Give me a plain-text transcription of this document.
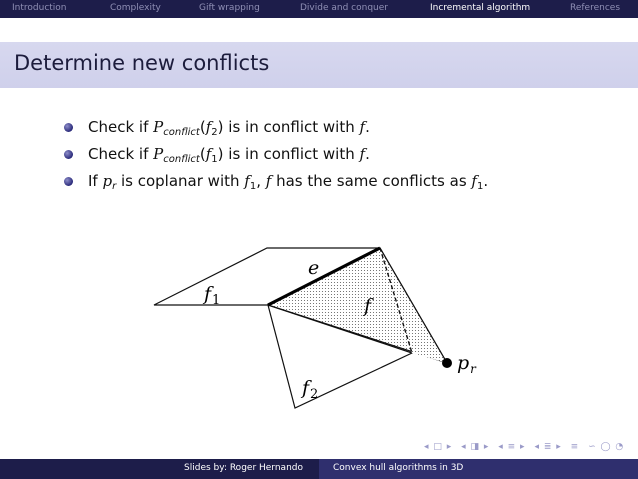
Introduction	Complexity	Gift wrapping	Divide and conquer	Incremental algorithm	References
Determine new conflicts
Check if $P_{conflict}(f_2)$ is in conflict with f.
Check if $P_{conflict}(f_1)$ is in conflict with f.
If $p_r$ is coplanar with $f_1$, f has the same conflicts as $f_1$.
e
$f_1$	f
$f_2$
$p_r$
◂ □ ▸ ◂ ◨ ▸ ◂ ≡ ▸ ◂ ≣ ▸ ≡ ∽ ◯ ◔
Slides by: Roger Hernando	Convex hull algorithms in 3D
